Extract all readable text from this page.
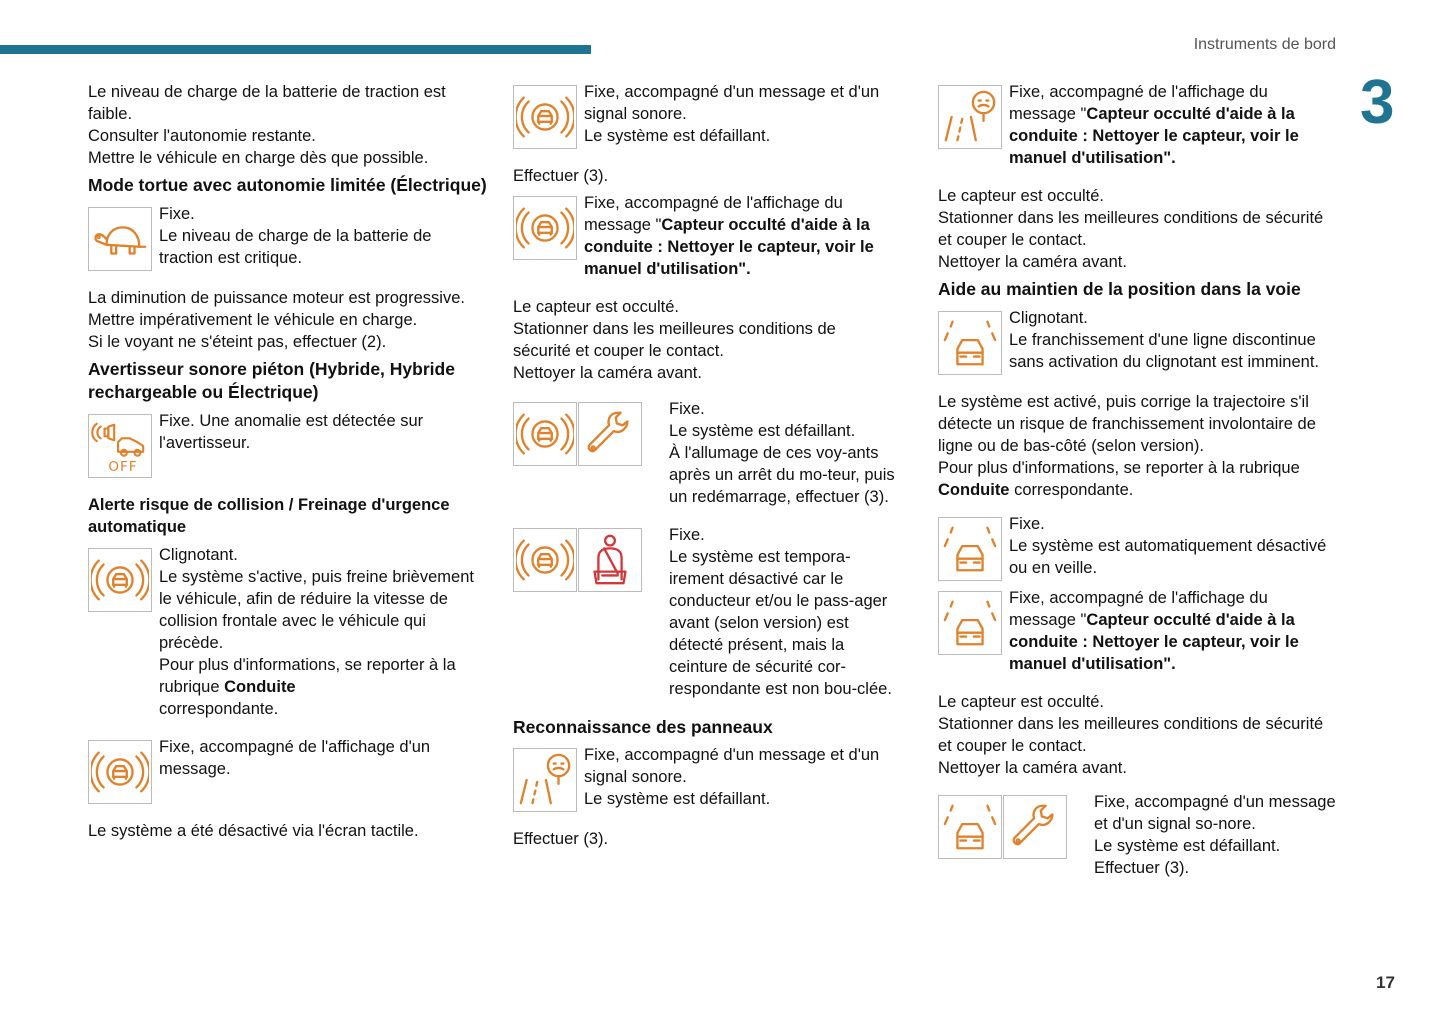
Instruments de bord
3
17

Le niveau de charge de la batterie de traction est faible.

Consulter l'autonomie restante.

Mettre le véhicule en charge dès que possible.

Mode tortue avec autonomie limitée (Électrique)

Fixe.

Le niveau de charge de la batterie de traction est critique.

La diminution de puissance moteur est progressive.

Mettre impérativement le véhicule en charge.

Si le voyant ne s'éteint pas, effectuer (2).

Avertisseur sonore piéton (Hybride, Hybride rechargeable ou Électrique)
OFF

Fixe. Une anomalie est détectée sur l'avertisseur.

Alerte risque de collision / Freinage d'urgence automatique

Clignotant.

Le système s'active, puis freine brièvement le véhicule, afin de réduire la vitesse de collision frontale avec le véhicule qui précède.

Pour plus d'informations, se reporter à la rubrique Conduite

correspondante.

Fixe, accompagné de l'affichage d'un message.

Le système a été désactivé via l'écran tactile.

Fixe, accompagné d'un message et d'un signal sonore.

Le système est défaillant.

Effectuer (3).

Fixe, accompagné de l'affichage du message "Capteur occulté d'aide à la conduite : Nettoyer le capteur, voir le manuel d'utilisation".

Le capteur est occulté.

Stationner dans les meilleures conditions de sécurité et couper le contact.

Nettoyer la caméra avant.

Fixe.

Le système est défaillant.

À l'allumage de ces voy-ants après un arrêt du mo-teur, puis un redémarrage, effectuer (3).

Fixe.

Le système est tempora-irement désactivé car le conducteur et/ou le pass-ager avant (selon version) est détecté présent, mais la ceinture de sécurité cor-respondante est non bou-clée.

Reconnaissance des panneaux

Fixe, accompagné d'un message et d'un signal sonore.

Le système est défaillant.

Effectuer (3).

Fixe, accompagné de l'affichage du message "Capteur occulté d'aide à la conduite : Nettoyer le capteur, voir le manuel d'utilisation".

Le capteur est occulté.

Stationner dans les meilleures conditions de sécurité et couper le contact.

Nettoyer la caméra avant.

Aide au maintien de la position dans la voie

Clignotant.

Le franchissement d'une ligne discontinue sans activation du clignotant est imminent.

Le système est activé, puis corrige la trajectoire s'il détecte un risque de franchissement involontaire de ligne ou de bas-côté (selon version).

Pour plus d'informations, se reporter à la rubrique Conduite correspondante.

Fixe.

Le système est automatiquement désactivé ou en veille.

Fixe, accompagné de l'affichage du message "Capteur occulté d'aide à la conduite : Nettoyer le capteur, voir le manuel d'utilisation".

Le capteur est occulté.

Stationner dans les meilleures conditions de sécurité et couper le contact.

Nettoyer la caméra avant.

Fixe, accompagné d'un message et d'un signal so-nore.

Le système est défaillant.

Effectuer (3).
